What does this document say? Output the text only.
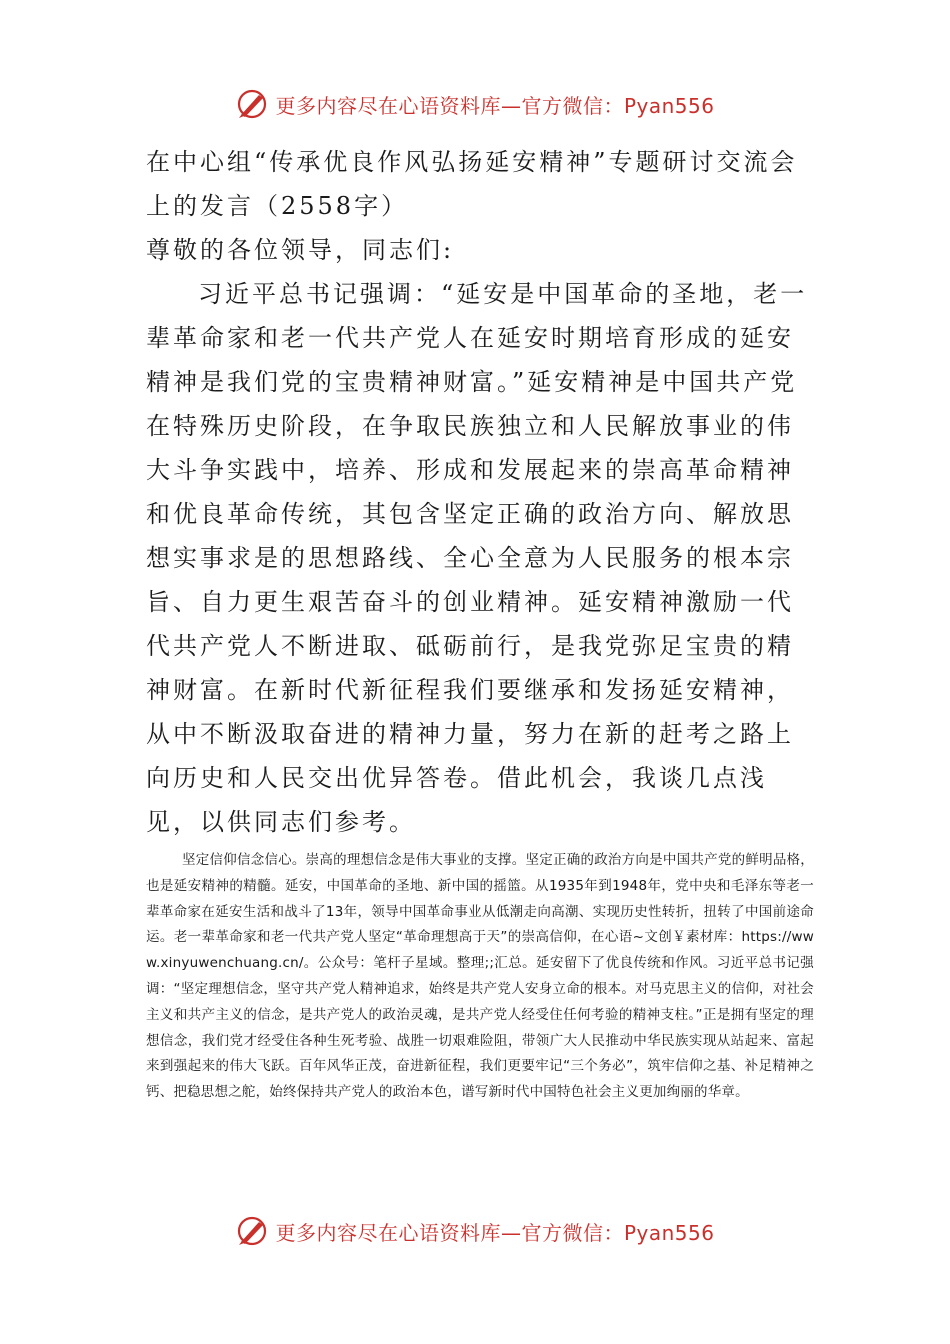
更多内容尽在心语资料库—官方微信：Pyan556

在中心组“传承优良作风弘扬延安精神”专题研讨交流会上的发言（2558字）

尊敬的各位领导，同志们:

习近平总书记强调：“延安是中国革命的圣地，老一辈革命家和老一代共产党人在延安时期培育形成的延安精神是我们党的宝贵精神财富。”延安精神是中国共产党在特殊历史阶段，在争取民族独立和人民解放事业的伟大斗争实践中，培养、形成和发展起来的崇高革命精神和优良革命传统，其包含坚定正确的政治方向、解放思想实事求是的思想路线、全心全意为人民服务的根本宗旨、自力更生艰苦奋斗的创业精神。延安精神激励一代代共产党人不断进取、砥砺前行，是我党弥足宝贵的精神财富。在新时代新征程我们要继承和发扬延安精神，从中不断汲取奋进的精神力量，努力在新的赶考之路上向历史和人民交出优异答卷。借此机会，我谈几点浅见，以供同志们参考。

坚定信仰信念信心。崇高的理想信念是伟大事业的支撑。坚定正确的政治方向是中国共产党的鲜明品格，也是延安精神的精髓。延安，中国革命的圣地、新中国的摇篮。从1935年到1948年，党中央和毛泽东等老一辈革命家在延安生活和战斗了13年，领导中国革命事业从低潮走向高潮、实现历史性转折，扭转了中国前途命运。老一辈革命家和老一代共产党人坚定“革命理想高于天”的崇高信仰，在心语~文创￥素材库：https://www.xinyuwenchuang.cn/。公众号：笔杆子星域。整理;;汇总。延安留下了优良传统和作风。习近平总书记强调：“坚定理想信念，坚守共产党人精神追求，始终是共产党人安身立命的根本。对马克思主义的信仰，对社会主义和共产主义的信念，是共产党人的政治灵魂，是共产党人经受住任何考验的精神支柱。”正是拥有坚定的理想信念，我们党才经受住各种生死考验、战胜一切艰难险阻，带领广大人民推动中华民族实现从站起来、富起来到强起来的伟大飞跃。百年风华正茂，奋进新征程，我们更要牢记“三个务必”，筑牢信仰之基、补足精神之钙、把稳思想之舵，始终保持共产党人的政治本色，谱写新时代中国特色社会主义更加绚丽的华章。

更多内容尽在心语资料库—官方微信：Pyan556
